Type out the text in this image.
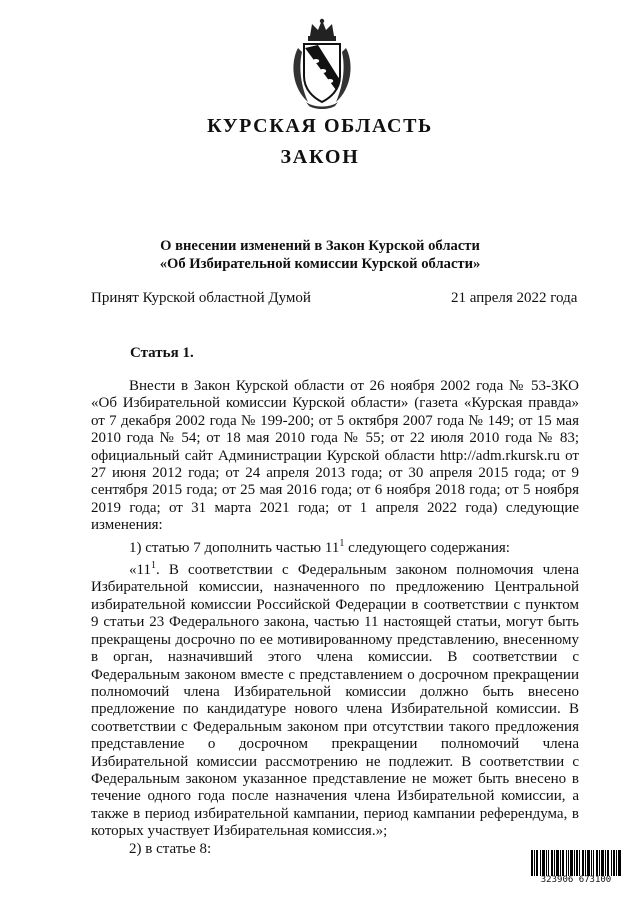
КУРСКАЯ ОБЛАСТЬ
ЗАКОН
О внесении изменений в Закон Курской области
«Об Избирательной комиссии Курской области»
Принят Курской областной Думой	21 апреля 2022 года
Статья 1.

Внести в Закон Курской области от 26 ноября 2002 года № 53-ЗКО «Об Избирательной комиссии Курской области» (газета «Курская правда» от 7 декабря 2002 года № 199-200; от 5 октября 2007 года № 149; от 15 мая 2010 года № 54; от 18 мая 2010 года № 55; от 22 июля 2010 года № 83; официальный сайт Администрации Курской области http://adm.rkursk.ru от 27 июня 2012 года; от 24 апреля 2013 года; от 30 апреля 2015 года; от 9 сентября 2015 года; от 25 мая 2016 года; от 6 ноября 2018 года; от 5 ноября 2019 года; от 31 марта 2021 года; от 1 апреля 2022 года) следующие изменения:

1) статью 7 дополнить частью $11^1$ следующего содержания:

«$11^1$. В соответствии с Федеральным законом полномочия члена Избирательной комиссии, назначенного по предложению Центральной избирательной комиссии Российской Федерации в соответствии с пунктом 9 статьи 23 Федерального закона, частью 11 настоящей статьи, могут быть прекращены досрочно по ее мотивированному представлению, внесенному в орган, назначивший этого члена комиссии. В соответствии с Федеральным законом вместе с представлением о досрочном прекращении полномочий члена Избирательной комиссии должно быть внесено предложение по кандидатуре нового члена Избирательной комиссии. В соответствии с Федеральным законом при отсутствии такого предложения представление о досрочном прекращении полномочий члена Избирательной комиссии рассмотрению не подлежит. В соответствии с Федеральным законом указанное представление не может быть внесено в течение одного года после назначения члена Избирательной комиссии, а также в период избирательной кампании, период кампании референдума, в которых участвует Избирательная комиссия.»;

2) в статье 8:

323906 673100
